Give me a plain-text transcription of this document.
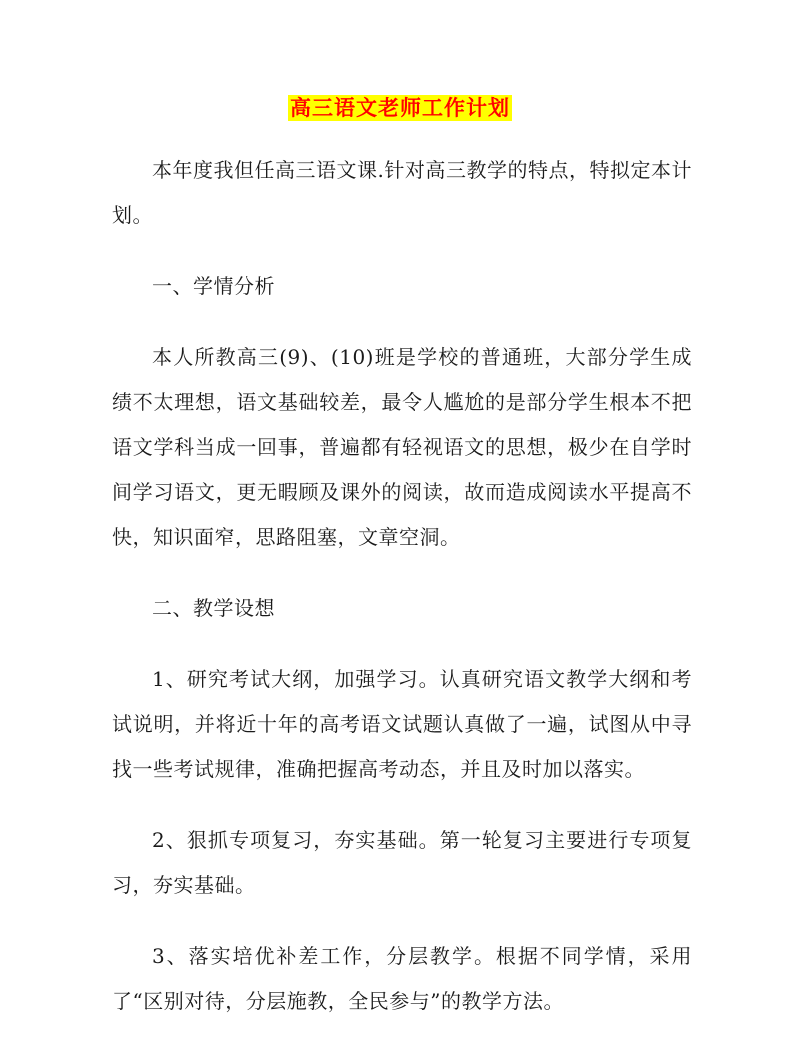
高三语文老师工作计划

本年度我但任高三语文课.针对高三教学的特点，特拟定本计划。

一、学情分析

本人所教高三(9)、(10)班是学校的普通班，大部分学生成绩不太理想，语文基础较差，最令人尴尬的是部分学生根本不把语文学科当成一回事，普遍都有轻视语文的思想，极少在自学时间学习语文，更无暇顾及课外的阅读，故而造成阅读水平提高不快，知识面窄，思路阻塞，文章空洞。

二、教学设想

1、研究考试大纲，加强学习。认真研究语文教学大纲和考试说明，并将近十年的高考语文试题认真做了一遍，试图从中寻找一些考试规律，准确把握高考动态，并且及时加以落实。

2、狠抓专项复习，夯实基础。第一轮复习主要进行专项复习，夯实基础。

3、落实培优补差工作，分层教学。根据不同学情，采用了“区别对待，分层施教，全民参与”的教学方法。
